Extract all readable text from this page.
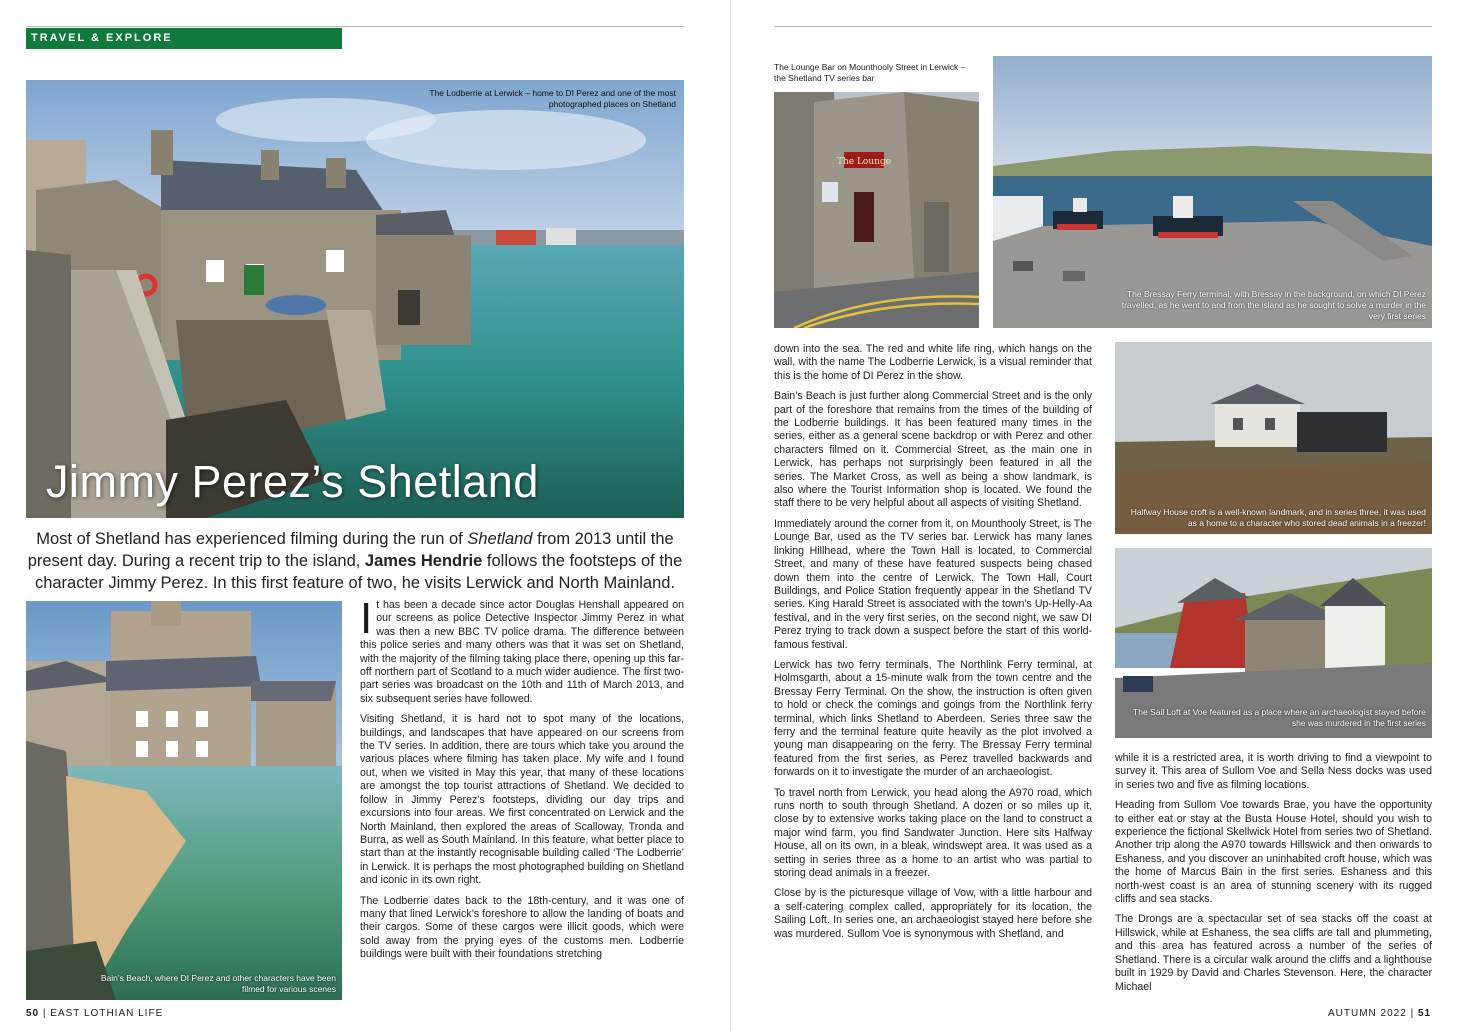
TRAVEL & EXPLORE
The Lodberrie at Lerwick – home to DI Perez and one of the most photographed places on Shetland
Jimmy Perez’s Shetland
Most of Shetland has experienced filming during the run of Shetland from 2013 until the present day. During a recent trip to the island, James Hendrie follows the footsteps of the character Jimmy Perez. In this first feature of two, he visits Lerwick and North Mainland.
Bain’s Beach, where DI Perez and other characters have been filmed for various scenes

It has been a decade since actor Douglas Henshall appeared on our screens as police Detective Inspector Jimmy Perez in what was then a new BBC TV police drama. The difference between this police series and many others was that it was set on Shetland, with the majority of the filming taking place there, opening up this far-off northern part of Scotland to a much wider audience. The first two-part series was broadcast on the 10th and 11th of March 2013, and six subsequent series have followed.

Visiting Shetland, it is hard not to spot many of the locations, buildings, and landscapes that have appeared on our screens from the TV series. In addition, there are tours which take you around the various places where filming has taken place. My wife and I found out, when we visited in May this year, that many of these locations are amongst the top tourist attractions of Shetland. We decided to follow in Jimmy Perez’s footsteps, dividing our day trips and excursions into four areas. We first concentrated on Lerwick and the North Mainland, then explored the areas of Scalloway, Tronda and Burra, as well as South Mainland. In this feature, what better place to start than at the instantly recognisable building called ‘The Lodberrie’ in Lerwick. It is perhaps the most photographed building on Shetland and iconic in its own right.

The Lodberrie dates back to the 18th-century, and it was one of many that lined Lerwick’s foreshore to allow the landing of boats and their cargos. Some of these cargos were illicit goods, which were sold away from the prying eyes of the customs men. Lodberrie buildings were built with their foundations stretching

The Lounge Bar on Mounthooly Street in Lerwick – the Shetland TV series bar
The Lounge
The Bressay Ferry terminal, with Bressay in the background, on which DI Perez travelled, as he went to and from the island as he sought to solve a murder in the very first series

down into the sea. The red and white life ring, which hangs on the wall, with the name The Lodberrie Lerwick, is a visual reminder that this is the home of DI Perez in the show.

Bain’s Beach is just further along Commercial Street and is the only part of the foreshore that remains from the times of the building of the Lodberrie buildings. It has been featured many times in the series, either as a general scene backdrop or with Perez and other characters filmed on it. Commercial Street, as the main one in Lerwick, has perhaps not surprisingly been featured in all the series. The Market Cross, as well as being a show landmark, is also where the Tourist Information shop is located. We found the staff there to be very helpful about all aspects of visiting Shetland.

Immediately around the corner from it, on Mounthooly Street, is The Lounge Bar, used as the TV series bar. Lerwick has many lanes linking Hillhead, where the Town Hall is located, to Commercial Street, and many of these have featured suspects being chased down them into the centre of Lerwick. The Town Hall, Court Buildings, and Police Station frequently appear in the Shetland TV series. King Harald Street is associated with the town’s Up-Helly-Aa festival, and in the very first series, on the second night, we saw DI Perez trying to track down a suspect before the start of this world-famous festival.

Lerwick has two ferry terminals, The Northlink Ferry terminal, at Holmsgarth, about a 15-minute walk from the town centre and the Bressay Ferry Terminal. On the show, the instruction is often given to hold or check the comings and goings from the Northlink ferry terminal, which links Shetland to Aberdeen. Series three saw the ferry and the terminal feature quite heavily as the plot involved a young man disappearing on the ferry. The Bressay Ferry terminal featured from the first series, as Perez travelled backwards and forwards on it to investigate the murder of an archaeologist.

To travel north from Lerwick, you head along the A970 road, which runs north to south through Shetland. A dozen or so miles up it, close by to extensive works taking place on the land to construct a major wind farm, you find Sandwater Junction. Here sits Halfway House, all on its own, in a bleak, windswept area. It was used as a setting in series three as a home to an artist who was partial to storing dead animals in a freezer.

Close by is the picturesque village of Vow, with a little harbour and a self-catering complex called, appropriately for its location, the Sailing Loft. In series one, an archaeologist stayed here before she was murdered. Sullom Voe is synonymous with Shetland, and

Halfway House croft is a well-known landmark, and in series three, it was used as a home to a character who stored dead animals in a freezer!
The Sail Loft at Voe featured as a place where an archaeologist stayed before she was murdered in the first series

while it is a restricted area, it is worth driving to find a viewpoint to survey it. This area of Sullom Voe and Sella Ness docks was used in series two and five as filming locations.

Heading from Sullom Voe towards Brae, you have the opportunity to either eat or stay at the Busta House Hotel, should you wish to experience the fictional Skellwick Hotel from series two of Shetland. Another trip along the A970 towards Hillswick and then onwards to Eshaness, and you discover an uninhabited croft house, which was the home of Marcus Bain in the first series. Eshaness and this north-west coast is an area of stunning scenery with its rugged cliffs and sea stacks.

The Drongs are a spectacular set of sea stacks off the coast at Hillswick, while at Eshaness, the sea cliffs are tall and plummeting, and this area has featured across a number of the series of Shetland. There is a circular walk around the cliffs and a lighthouse built in 1929 by David and Charles Stevenson. Here, the character Michael

50 | EAST LOTHIAN LIFE	AUTUMN 2022 | 51
